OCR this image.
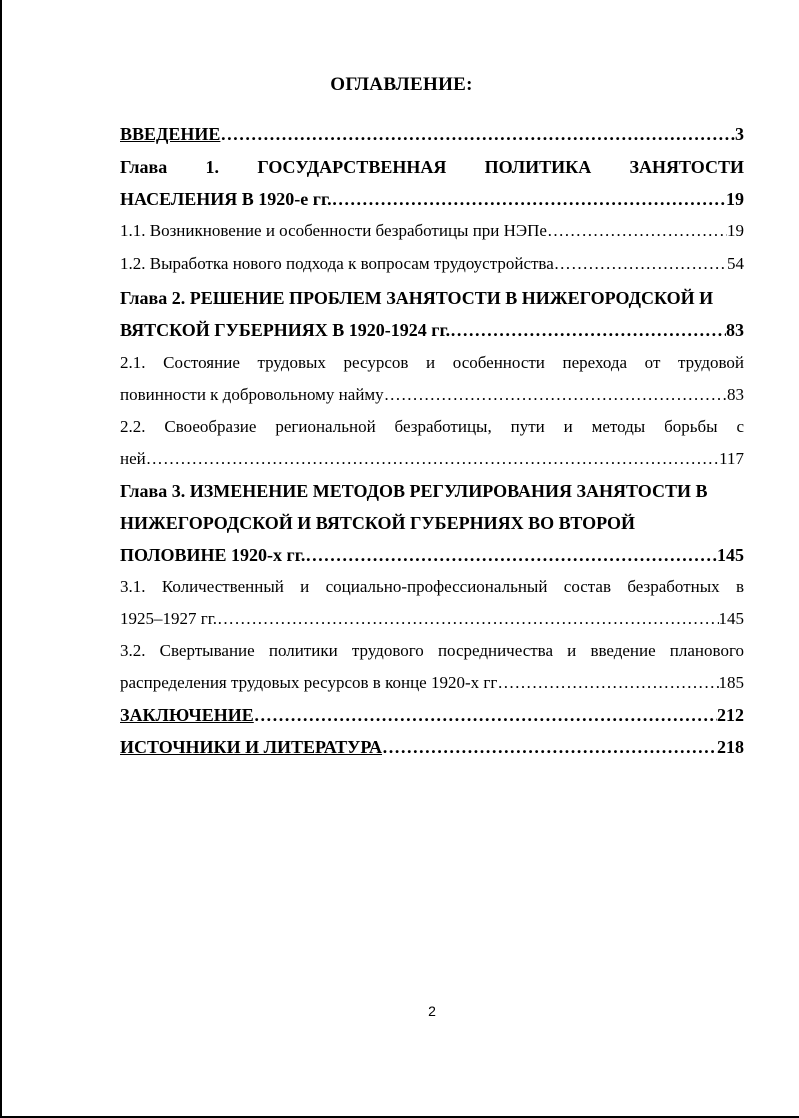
ОГЛАВЛЕНИЕ:
ВВЕДЕНИЕ …………………………………………………………………………………………………………………………………………	3
Глава 1. ГОСУДАРСТВЕННАЯ ПОЛИТИКА ЗАНЯТОСТИ
НАСЕЛЕНИЯ В 1920-е гг. …………………………………………………………………………………………………………………………………………	19
1.1. Возникновение и особенности безработицы при НЭПе …………………………………………………………………………………………………………………………………………	19
1.2. Выработка нового подхода к вопросам трудоустройства …………………………………………………………………………………………………………………………………………	54
Глава 2. РЕШЕНИЕ ПРОБЛЕМ ЗАНЯТОСТИ В НИЖЕГОРОДСКОЙ И
ВЯТСКОЙ ГУБЕРНИЯХ В 1920-1924 гг. …………………………………………………………………………………………………………………………………………	83
2.1. Состояние трудовых ресурсов и особенности перехода от трудовой
повинности к добровольному найму …………………………………………………………………………………………………………………………………………	83
2.2. Своеобразие региональной безработицы, пути и методы борьбы с
ней …………………………………………………………………………………………………………………………………………	117
Глава 3. ИЗМЕНЕНИЕ МЕТОДОВ РЕГУЛИРОВАНИЯ ЗАНЯТОСТИ В
НИЖЕГОРОДСКОЙ И ВЯТСКОЙ ГУБЕРНИЯХ ВО ВТОРОЙ
ПОЛОВИНЕ 1920-х гг. …………………………………………………………………………………………………………………………………………	145
3.1. Количественный и социально-профессиональный состав безработных в
1925–1927 гг. …………………………………………………………………………………………………………………………………………	145
3.2. Свертывание политики трудового посредничества и введение планового
распределения трудовых ресурсов в конце 1920-х гг …………………………………………………………………………………………………………………………………………	185
ЗАКЛЮЧЕНИЕ …………………………………………………………………………………………………………………………………………	212
ИСТОЧНИКИ И ЛИТЕРАТУРА …………………………………………………………………………………………………………………………………………	218
2
